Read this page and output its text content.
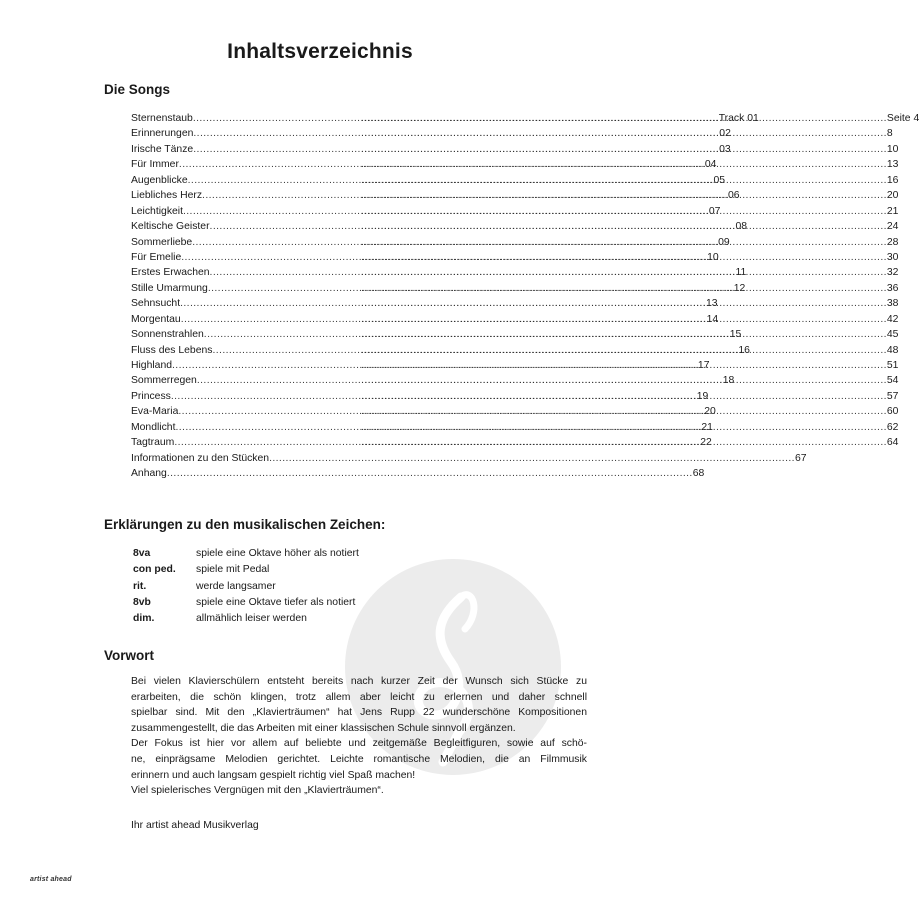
Inhaltsverzeichnis
Die Songs
Sternenstaub .....	Track 01 .....	Seite 4
Erinnerungen .....	02 .....	8
Irische Tänze .....	03 .....	10
Für Immer .....	04 .....	13
Augenblicke .....	05 .....	16
Liebliches Herz .....	06 .....	20
Leichtigkeit .....	07 .....	21
Keltische Geister .....	08 .....	24
Sommerliebe .....	09 .....	28
Für Emelie .....	10 .....	30
Erstes Erwachen .....	11 .....	32
Stille Umarmung .....	12 .....	36
Sehnsucht .....	13 .....	38
Morgentau .....	14 .....	42
Sonnenstrahlen .....	15 .....	45
Fluss des Lebens .....	16 .....	48
Highland .....	17 .....	51
Sommerregen .....	18 .....	54
Princess .....	19 .....	57
Eva-Maria .....	20 .....	60
Mondlicht .....	21 .....	62
Tagtraum .....	22 .....	64
Informationen zu den Stücken .....	67
Anhang .....	68
Erklärungen zu den musikalischen Zeichen:
8va	spiele eine Oktave höher als notiert
con ped.	spiele mit Pedal
rit.	werde langsamer
8vb	spiele eine Oktave tiefer als notiert
dim.	allmählich leiser werden
Vorwort

Bei vielen Klavierschülern entsteht bereits nach kurzer Zeit der Wunsch sich Stücke zu

erarbeiten, die schön klingen, trotz allem aber leicht zu erlernen und daher schnell

spielbar sind. Mit den „Klavierträumen“ hat Jens Rupp 22 wunderschöne Kompositionen

zusammengestellt, die das Arbeiten mit einer klassischen Schule sinnvoll ergänzen.

Der Fokus ist hier vor allem auf beliebte und zeitgemäße Begleitfiguren, sowie auf schö-

ne, einprägsame Melodien gerichtet. Leichte romantische Melodien, die an Filmmusik

erinnern und auch langsam gespielt richtig viel Spaß machen!

Viel spielerisches Vergnügen mit den „Klavierträumen“.

Ihr artist ahead Musikverlag
artist ahead
